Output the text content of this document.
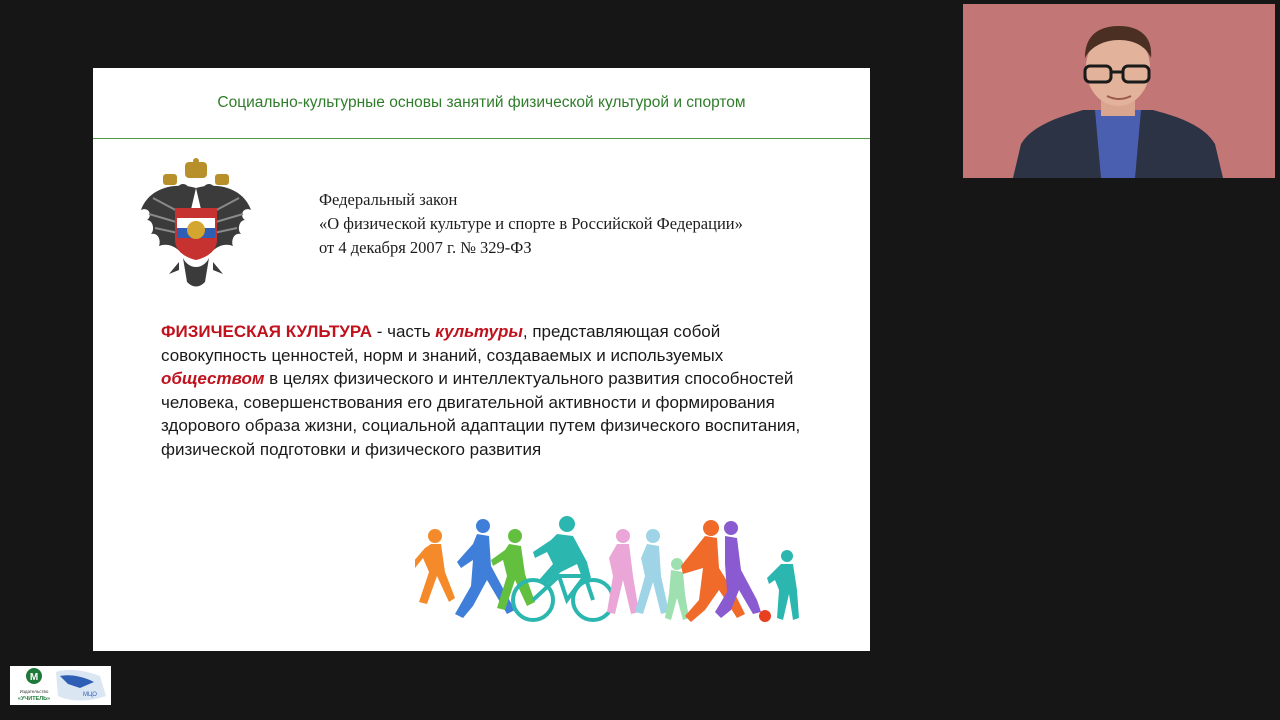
Социально-культурные основы занятий физической культурой и спортом
Федеральный закон
«О физической культуре и спорте в Российской Федерации»
от 4 декабря 2007 г. № 329-ФЗ
ФИЗИЧЕСКАЯ КУЛЬТУРА - часть культуры, представляющая собой совокупность ценностей, норм и знаний, создаваемых и используемых обществом в целях физического и интеллектуального развития способностей человека, совершенствования его двигательной активности и формирования здорового образа жизни, социальной адаптации путем физического воспитания, физической подготовки и физического развития
M
Издательство
«УЧИТЕЛЬ»
МЦО
